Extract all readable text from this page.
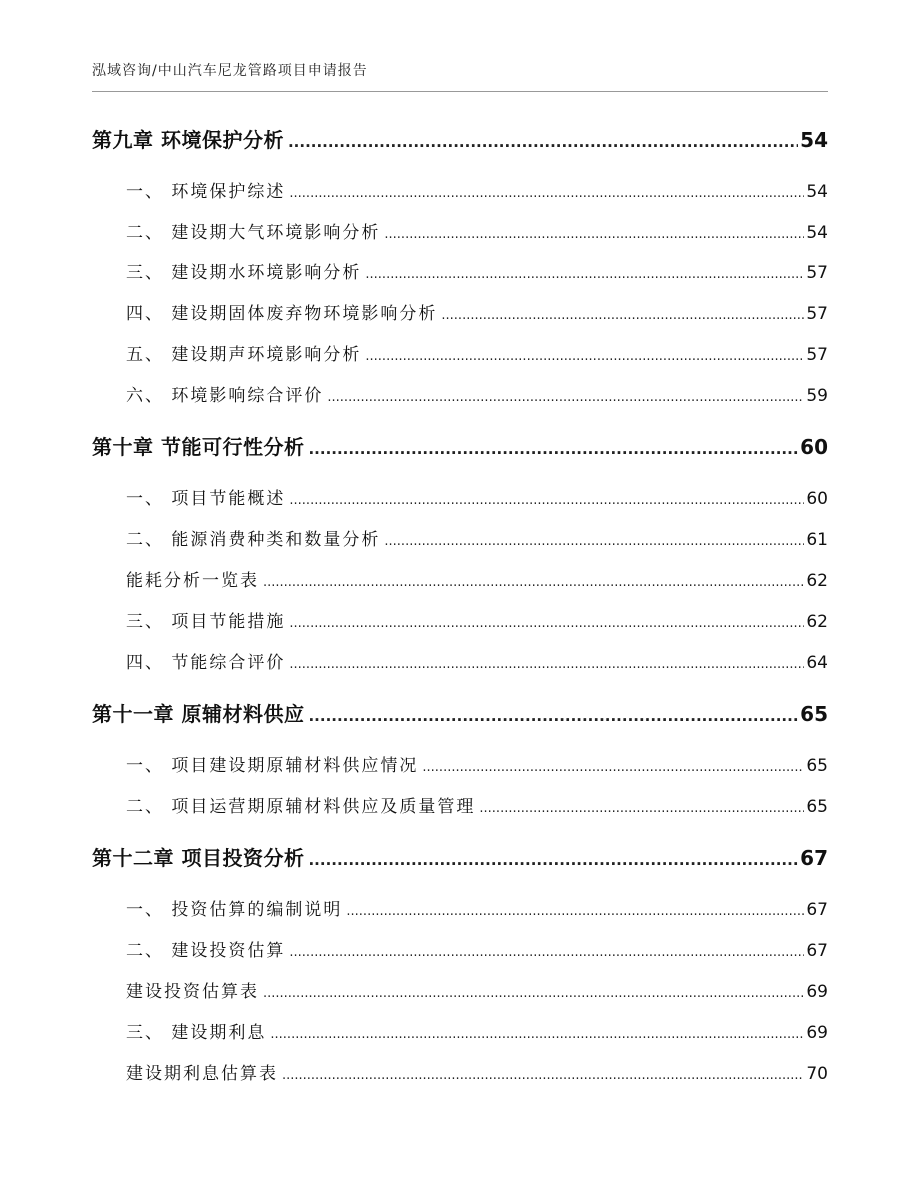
泓域咨询/中山汽车尼龙管路项目申请报告
第九章 环境保护分析 .....	54
一、 环境保护综述 .....	54
二、 建设期大气环境影响分析 .....	54
三、 建设期水环境影响分析 .....	57
四、 建设期固体废弃物环境影响分析 .....	57
五、 建设期声环境影响分析 .....	57
六、 环境影响综合评价 .....	59
第十章 节能可行性分析 .....	60
一、 项目节能概述 .....	60
二、 能源消费种类和数量分析 .....	61
能耗分析一览表 .....	62
三、 项目节能措施 .....	62
四、 节能综合评价 .....	64
第十一章 原辅材料供应 .....	65
一、 项目建设期原辅材料供应情况 .....	65
二、 项目运营期原辅材料供应及质量管理 .....	65
第十二章 项目投资分析 .....	67
一、 投资估算的编制说明 .....	67
二、 建设投资估算 .....	67
建设投资估算表 .....	69
三、 建设期利息 .....	69
建设期利息估算表 .....	70
